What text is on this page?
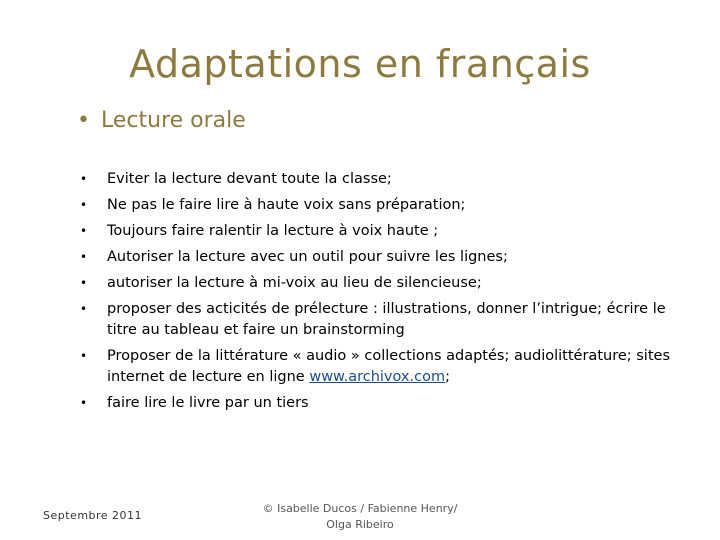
Adaptations en français
• Lecture orale
• Eviter la lecture devant toute la classe;
• Ne pas le faire lire à haute voix sans préparation;
• Toujours faire ralentir la lecture à voix haute ;
• Autoriser la lecture avec un outil pour suivre les lignes;
• autoriser la lecture à mi-voix au lieu de silencieuse;
• proposer des acticités de prélecture : illustrations, donner l’intrigue; écrire le titre au tableau et faire un brainstorming
• Proposer de la littérature « audio » collections adaptés; audiolittérature; sites internet de lecture en ligne www.archivox.com;
• faire lire le livre par un tiers
Septembre 2011
© Isabelle Ducos / Fabienne Henry/
Olga Ribeiro
